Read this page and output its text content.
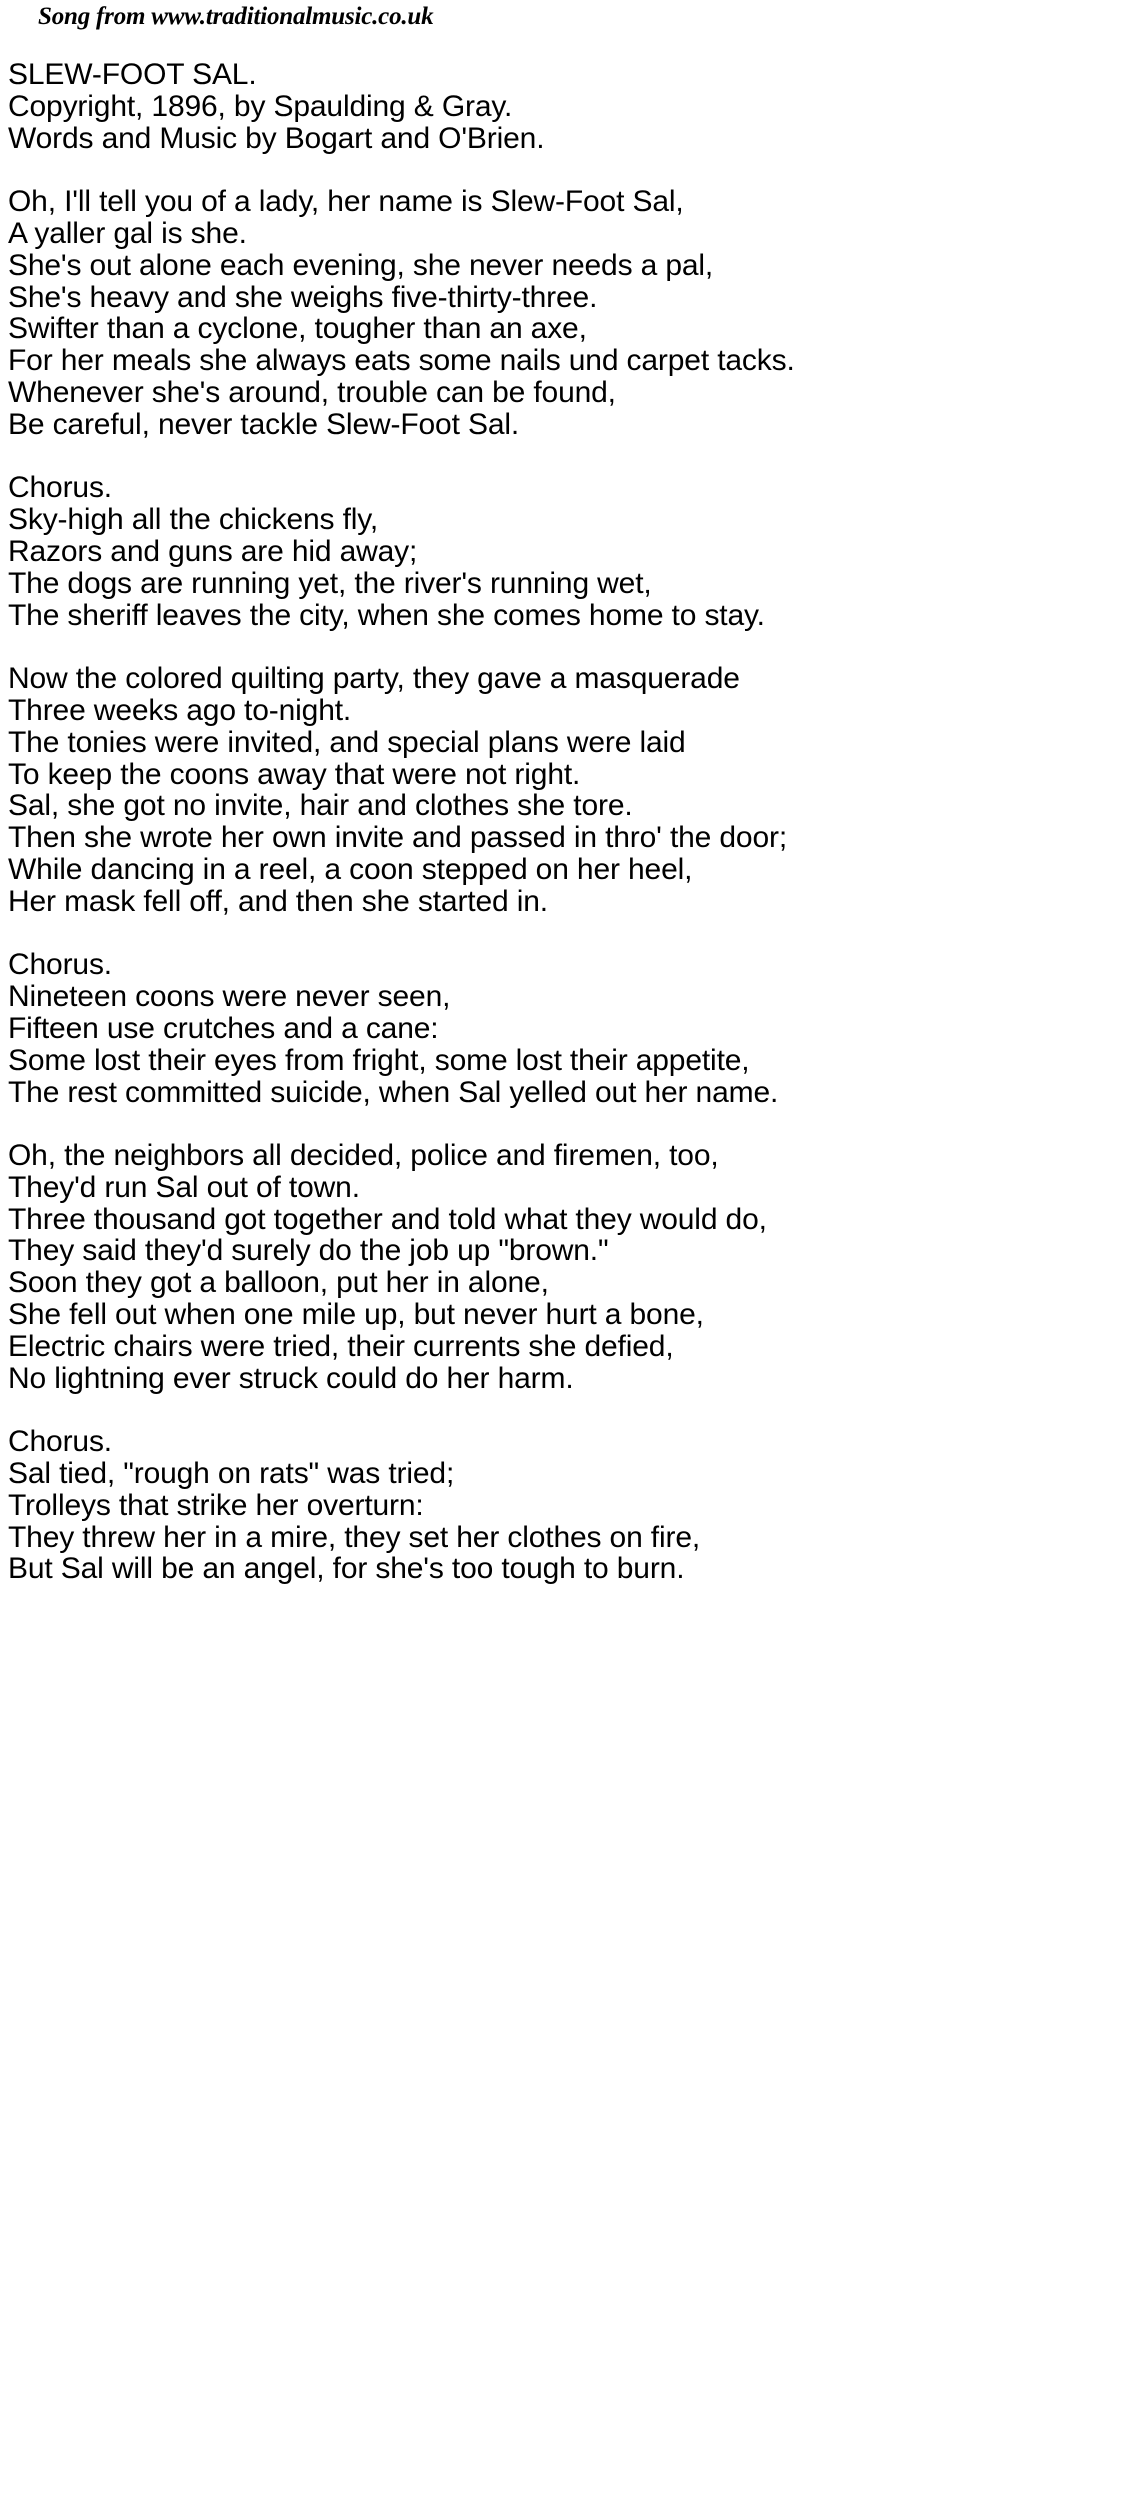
Song from www.traditionalmusic.co.uk
SLEW-FOOT SAL.
Copyright, 1896, by Spaulding & Gray.
Words and Music by Bogart and O'Brien.
Oh, I'll tell you of a lady, her name is Slew-Foot Sal,
A yaller gal is she.
She's out alone each evening, she never needs a pal,
She's heavy and she weighs five-thirty-three.
Swifter than a cyclone, tougher than an axe,
For her meals she always eats some nails und carpet tacks.
Whenever she's around, trouble can be found,
Be careful, never tackle Slew-Foot Sal.
Chorus.
Sky-high all the chickens fly,
Razors and guns are hid away;
The dogs are running yet, the river's running wet,
The sheriff leaves the city, when she comes home to stay.
Now the colored quilting party, they gave a masquerade
Three weeks ago to-night.
The tonies were invited, and special plans were laid
To keep the coons away that were not right.
Sal, she got no invite, hair and clothes she tore.
Then she wrote her own invite and passed in thro' the door;
While dancing in a reel, a coon stepped on her heel,
Her mask fell off, and then she started in.
Chorus.
Nineteen coons were never seen,
Fifteen use crutches and a cane:
Some lost their eyes from fright, some lost their appetite,
The rest committed suicide, when Sal yelled out her name.
Oh, the neighbors all decided, police and firemen, too,
They'd run Sal out of town.
Three thousand got together and told what they would do,
They said they'd surely do the job up "brown."
Soon they got a balloon, put her in alone,
She fell out when one mile up, but never hurt a bone,
Electric chairs were tried, their currents she defied,
No lightning ever struck could do her harm.
Chorus.
Sal tied, "rough on rats" was tried;
Trolleys that strike her overturn:
They threw her in a mire, they set her clothes on fire,
But Sal will be an angel, for she's too tough to burn.
